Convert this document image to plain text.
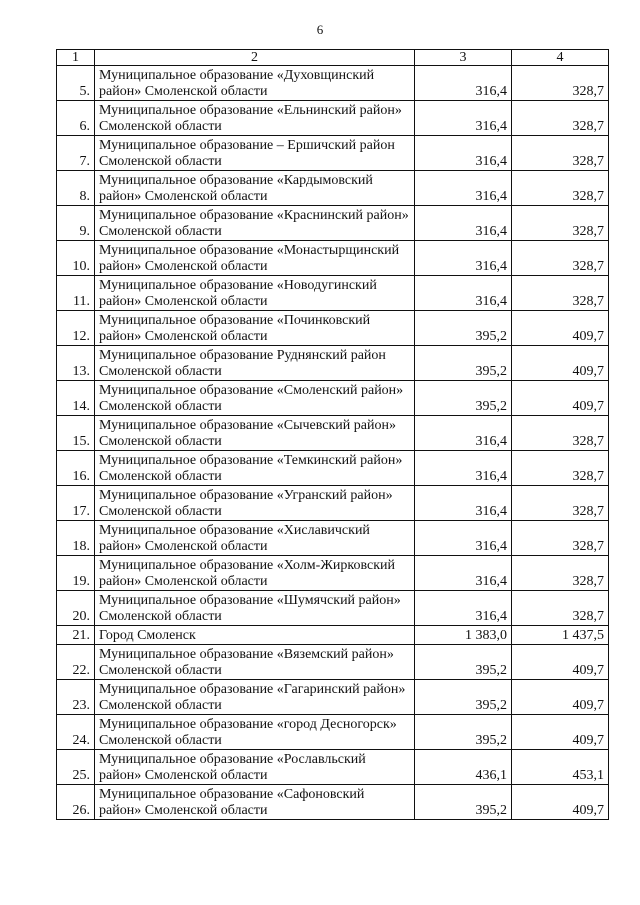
6
1	2	3	4
5.	Муниципальное образование «Духовщинский район» Смоленской области	316,4	328,7
6.	Муниципальное образование «Ельнинский район» Смоленской области	316,4	328,7
7.	Муниципальное образование – Ершичский район Смоленской области	316,4	328,7
8.	Муниципальное образование «Кардымовский район» Смоленской области	316,4	328,7
9.	Муниципальное образование «Краснинский район» Смоленской области	316,4	328,7
10.	Муниципальное образование «Монастырщинский район» Смоленской области	316,4	328,7
11.	Муниципальное образование «Новодугинский район» Смоленской области	316,4	328,7
12.	Муниципальное образование «Починковский район» Смоленской области	395,2	409,7
13.	Муниципальное образование Руднянский район Смоленской области	395,2	409,7
14.	Муниципальное образование «Смоленский район» Смоленской области	395,2	409,7
15.	Муниципальное образование «Сычевский район» Смоленской области	316,4	328,7
16.	Муниципальное образование «Темкинский район» Смоленской области	316,4	328,7
17.	Муниципальное образование «Угранский район» Смоленской области	316,4	328,7
18.	Муниципальное образование «Хиславичский район» Смоленской области	316,4	328,7
19.	Муниципальное образование «Холм-Жирковский район» Смоленской области	316,4	328,7
20.	Муниципальное образование «Шумячский район» Смоленской области	316,4	328,7
21.	Город Смоленск	1 383,0	1 437,5
22.	Муниципальное образование «Вяземский район» Смоленской области	395,2	409,7
23.	Муниципальное образование «Гагаринский район» Смоленской области	395,2	409,7
24.	Муниципальное образование «город Десногорск» Смоленской области	395,2	409,7
25.	Муниципальное образование «Рославльский район» Смоленской области	436,1	453,1
26.	Муниципальное образование «Сафоновский район» Смоленской области	395,2	409,7
